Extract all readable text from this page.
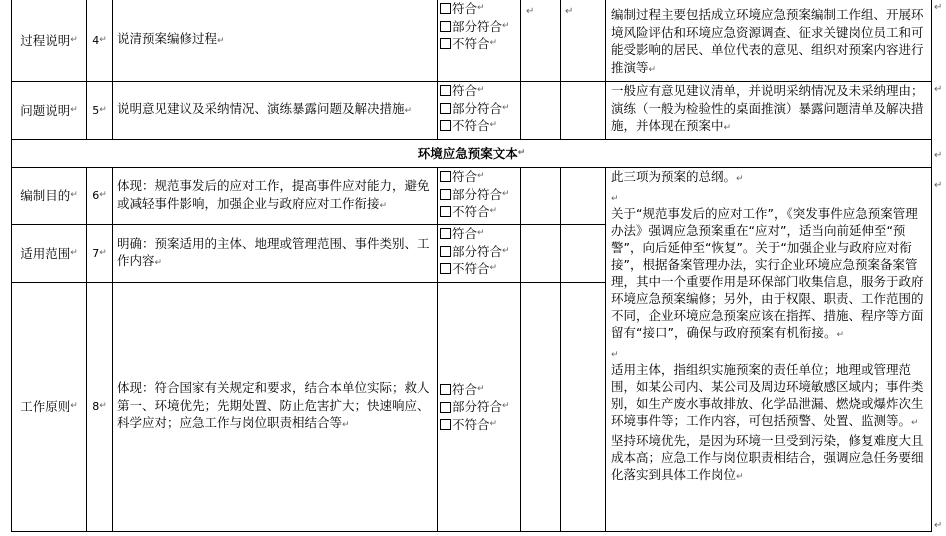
过程说明 ↵ 4 ↵ 说清预案编修过程↵
符合 ↵
部分符合 ↵
不符合 ↵
↵	↵	编制过程主要包括成立环境应急预案编制工作组、开展环境风险评估和环境应急资源调查、征求关键岗位员工和可能受影响的居民、单位代表的意见、组织对预案内容进行推演等↵
问题说明 ↵ 5 ↵ 说明意见建议及采纳情况、演练暴露问题及解决措施↵
符合 ↵
部分符合 ↵
不符合 ↵
一般应有意见建议清单，并说明采纳情况及未采纳理由；演练（一般为检验性的桌面推演）暴露问题清单及解决措施，并体现在预案中↵
环境应急预案文本 ↵
编制目的 ↵ 6 ↵
体现：规范事发后的应对工作，提高事件应对能力，避免或减轻事件影响，加强企业与政府应对工作衔接↵
符合 ↵
部分符合 ↵
不符合 ↵
适用范围 ↵ 7 ↵
明确：预案适用的主体、地理或管理范围、事件类别、工作内容↵
符合 ↵
部分符合 ↵
不符合 ↵
工作原则 ↵ 8 ↵
体现：符合国家有关规定和要求，结合本单位实际；救人第一、环境优先；先期处置、防止危害扩大；快速响应、科学应对；应急工作与岗位职责相结合等↵
符合 ↵
部分符合 ↵
不符合 ↵
此三项为预案的总纲。↵
↵
关于“规范事发后的应对工作”，《突发事件应急预案管理办法》强调应急预案重在“应对”，适当向前延伸至“预警”，向后延伸至“恢复”。关于“加强企业与政府应对衔接”，根据备案管理办法，实行企业环境应急预案备案管理，其中一个重要作用是环保部门收集信息，服务于政府环境应急预案编修；另外，由于权限、职责、工作范围的不同，企业环境应急预案应该在指挥、措施、程序等方面留有“接口”，确保与政府预案有机衔接。↵
↵
适用主体，指组织实施预案的责任单位；地理或管理范围，如某公司内、某公司及周边环境敏感区域内；事件类别，如生产废水事故排放、化学品泄漏、燃烧或爆炸次生环境事件等；工作内容，可包括预警、处置、监测等。↵
坚持环境优先，是因为环境一旦受到污染，修复难度大且成本高；应急工作与岗位职责相结合，强调应急任务要细化落实到具体工作岗位↵
↵
↵
↵
↵
↵
